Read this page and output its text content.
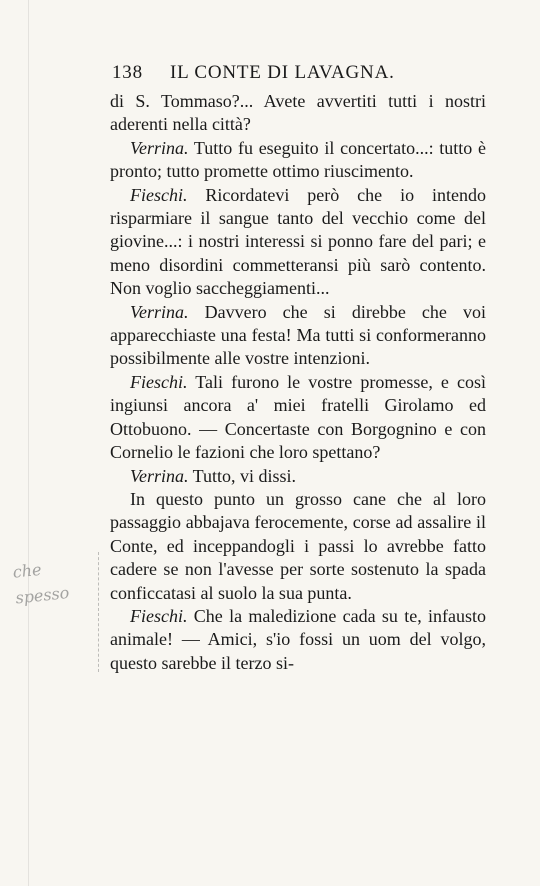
138 IL CONTE DI LAVAGNA.
che
spesso

di S. Tommaso?... Avete avvertiti tutti i nostri aderenti nella città?

Verrina. Tutto fu eseguito il concertato...: tutto è pronto; tutto promette ottimo riuscimento.

Fieschi. Ricordatevi però che io intendo risparmiare il sangue tanto del vecchio come del giovine...: i nostri interessi si ponno fare del pari; e meno disordini commetteransi più sarò contento. Non voglio saccheggiamenti...

Verrina. Davvero che si direbbe che voi apparecchiaste una festa! Ma tutti si conformeranno possibilmente alle vostre intenzioni.

Fieschi. Tali furono le vostre promesse, e così ingiunsi ancora a' miei fratelli Girolamo ed Ottobuono. — Concertaste con Borgognino e con Cornelio le fazioni che loro spettano?

Verrina. Tutto, vi dissi.

In questo punto un grosso cane che al loro passaggio abbajava ferocemente, corse ad assalire il Conte, ed inceppandogli i passi lo avrebbe fatto cadere se non l'avesse per sorte sostenuto la spada conficcatasi al suolo la sua punta.

Fieschi. Che la maledizione cada su te, infausto animale! — Amici, s'io fossi un uom del volgo, questo sarebbe il terzo si-
